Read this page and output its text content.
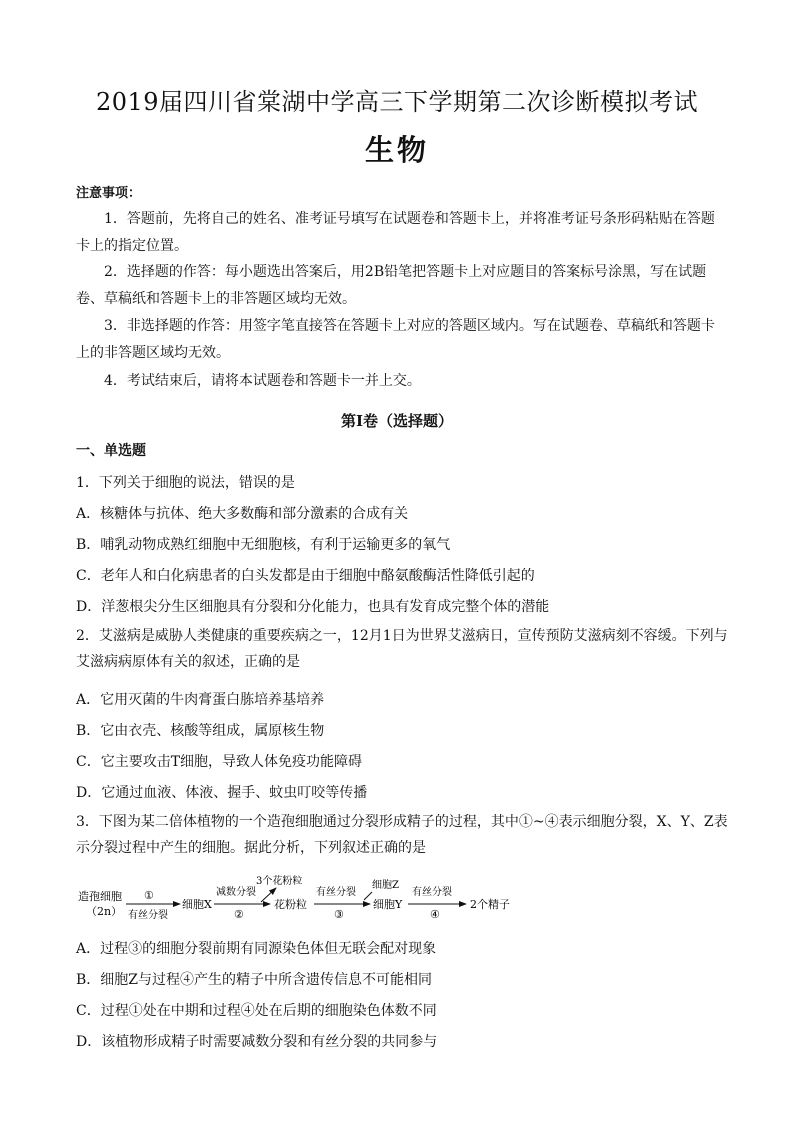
2019届四川省棠湖中学高三下学期第二次诊断模拟考试
生物
注意事项：
1．答题前，先将自己的姓名、准考证号填写在试题卷和答题卡上，并将准考证号条形码粘贴在答题卡上的指定位置。
2．选择题的作答：每小题选出答案后，用2B铅笔把答题卡上对应题目的答案标号涂黑，写在试题卷、草稿纸和答题卡上的非答题区域均无效。
3．非选择题的作答：用签字笔直接答在答题卡上对应的答题区域内。写在试题卷、草稿纸和答题卡上的非答题区域均无效。
4．考试结束后，请将本试题卷和答题卡一并上交。
第I卷（选择题）
一、单选题
1．下列关于细胞的说法，错误的是
A．核糖体与抗体、绝大多数酶和部分激素的合成有关
B．哺乳动物成熟红细胞中无细胞核，有利于运输更多的氧气
C．老年人和白化病患者的白头发都是由于细胞中酪氨酸酶活性降低引起的
D．洋葱根尖分生区细胞具有分裂和分化能力，也具有发育成完整个体的潜能
2．艾滋病是威胁人类健康的重要疾病之一，12月1日为世界艾滋病日，宣传预防艾滋病刻不容缓。下列与艾滋病病原体有关的叙述，正确的是
A．它用灭菌的牛肉膏蛋白胨培养基培养
B．它由衣壳、核酸等组成，属原核生物
C．它主要攻击T细胞，导致人体免疫功能障碍
D．它通过血液、体液、握手、蚊虫叮咬等传播
3．下图为某二倍体植物的一个造孢细胞通过分裂形成精子的过程，其中①~④表示细胞分裂，X、Y、Z表示分裂过程中产生的细胞。据此分析，下列叙述正确的是
造孢细胞
（2n）
①
有丝分裂
细胞X
减数分裂
②
3个花粉粒
花粉粒
有丝分裂
③
细胞Z
细胞Y
有丝分裂
④
2个精子
A．过程③的细胞分裂前期有同源染色体但无联会配对现象
B．细胞Z与过程④产生的精子中所含遗传信息不可能相同
C．过程①处在中期和过程④处在后期的细胞染色体数不同
D．该植物形成精子时需要减数分裂和有丝分裂的共同参与
